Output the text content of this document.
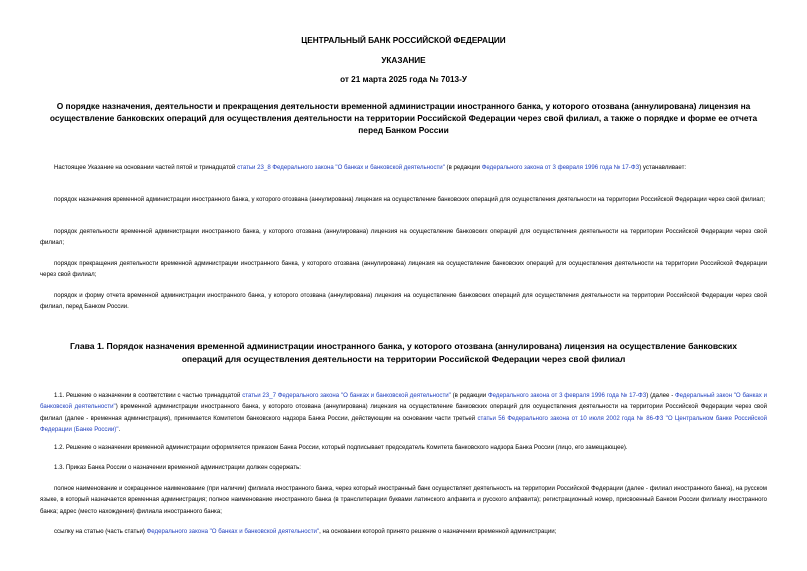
ЦЕНТРАЛЬНЫЙ БАНК РОССИЙСКОЙ ФЕДЕРАЦИИ
УКАЗАНИЕ
от 21 марта 2025 года № 7013-У
О порядке назначения, деятельности и прекращения деятельности временной администрации иностранного банка, у которого отозвана (аннулирована) лицензия на осуществление банковских операций для осуществления деятельности на территории Российской Федерации через свой филиал, а также о порядке и форме ее отчета перед Банком России

Настоящее Указание на основании частей пятой и тринадцатой статьи 23_8 Федерального закона "О банках и банковской деятельности" (в редакции Федерального закона от 3 февраля 1996 года № 17-ФЗ) устанавливает:

порядок назначения временной администрации иностранного банка, у которого отозвана (аннулирована) лицензия на осуществление банковских операций для осуществления деятельности на территории Российской Федерации через свой филиал;

порядок деятельности временной администрации иностранного банка, у которого отозвана (аннулирована) лицензия на осуществление банковских операций для осуществления деятельности на территории Российской Федерации через свой филиал;

порядок прекращения деятельности временной администрации иностранного банка, у которого отозвана (аннулирована) лицензия на осуществление банковских операций для осуществления деятельности на территории Российской Федерации через свой филиал;

порядок и форму отчета временной администрации иностранного банка, у которого отозвана (аннулирована) лицензия на осуществление банковских операций для осуществления деятельности на территории Российской Федерации через свой филиал, перед Банком России.

Глава 1. Порядок назначения временной администрации иностранного банка, у которого отозвана (аннулирована) лицензия на осуществление банковских операций для осуществления деятельности на территории Российской Федерации через свой филиал

1.1. Решение о назначении в соответствии с частью тринадцатой статьи 23_7 Федерального закона "О банках и банковской деятельности" (в редакции Федерального закона от 3 февраля 1996 года № 17-ФЗ) (далее - Федеральный закон "О банках и банковской деятельности") временной администрации иностранного банка, у которого отозвана (аннулирована) лицензия на осуществление банковских операций для осуществления деятельности на территории Российской Федерации через свой филиал (далее - временная администрация), принимается Комитетом банковского надзора Банка России, действующим на основании части третьей статьи 56 Федерального закона от 10 июля 2002 года № 86-ФЗ "О Центральном банке Российской Федерации (Банке России)".

1.2. Решение о назначении временной администрации оформляется приказом Банка России, который подписывает председатель Комитета банковского надзора Банка России (лицо, его замещающее).

1.3. Приказ Банка России о назначении временной администрации должен содержать:

полное наименование и сокращенное наименование (при наличии) филиала иностранного банка, через который иностранный банк осуществляет деятельность на территории Российской Федерации (далее - филиал иностранного банка), на русском языке, в который назначается временная администрация; полное наименование иностранного банка (в транслитерации буквами латинского алфавита и русского алфавита); регистрационный номер, присвоенный Банком России филиалу иностранного банка; адрес (место нахождения) филиала иностранного банка;

ссылку на статью (часть статьи) Федерального закона "О банках и банковской деятельности", на основании которой принято решение о назначении временной администрации;
